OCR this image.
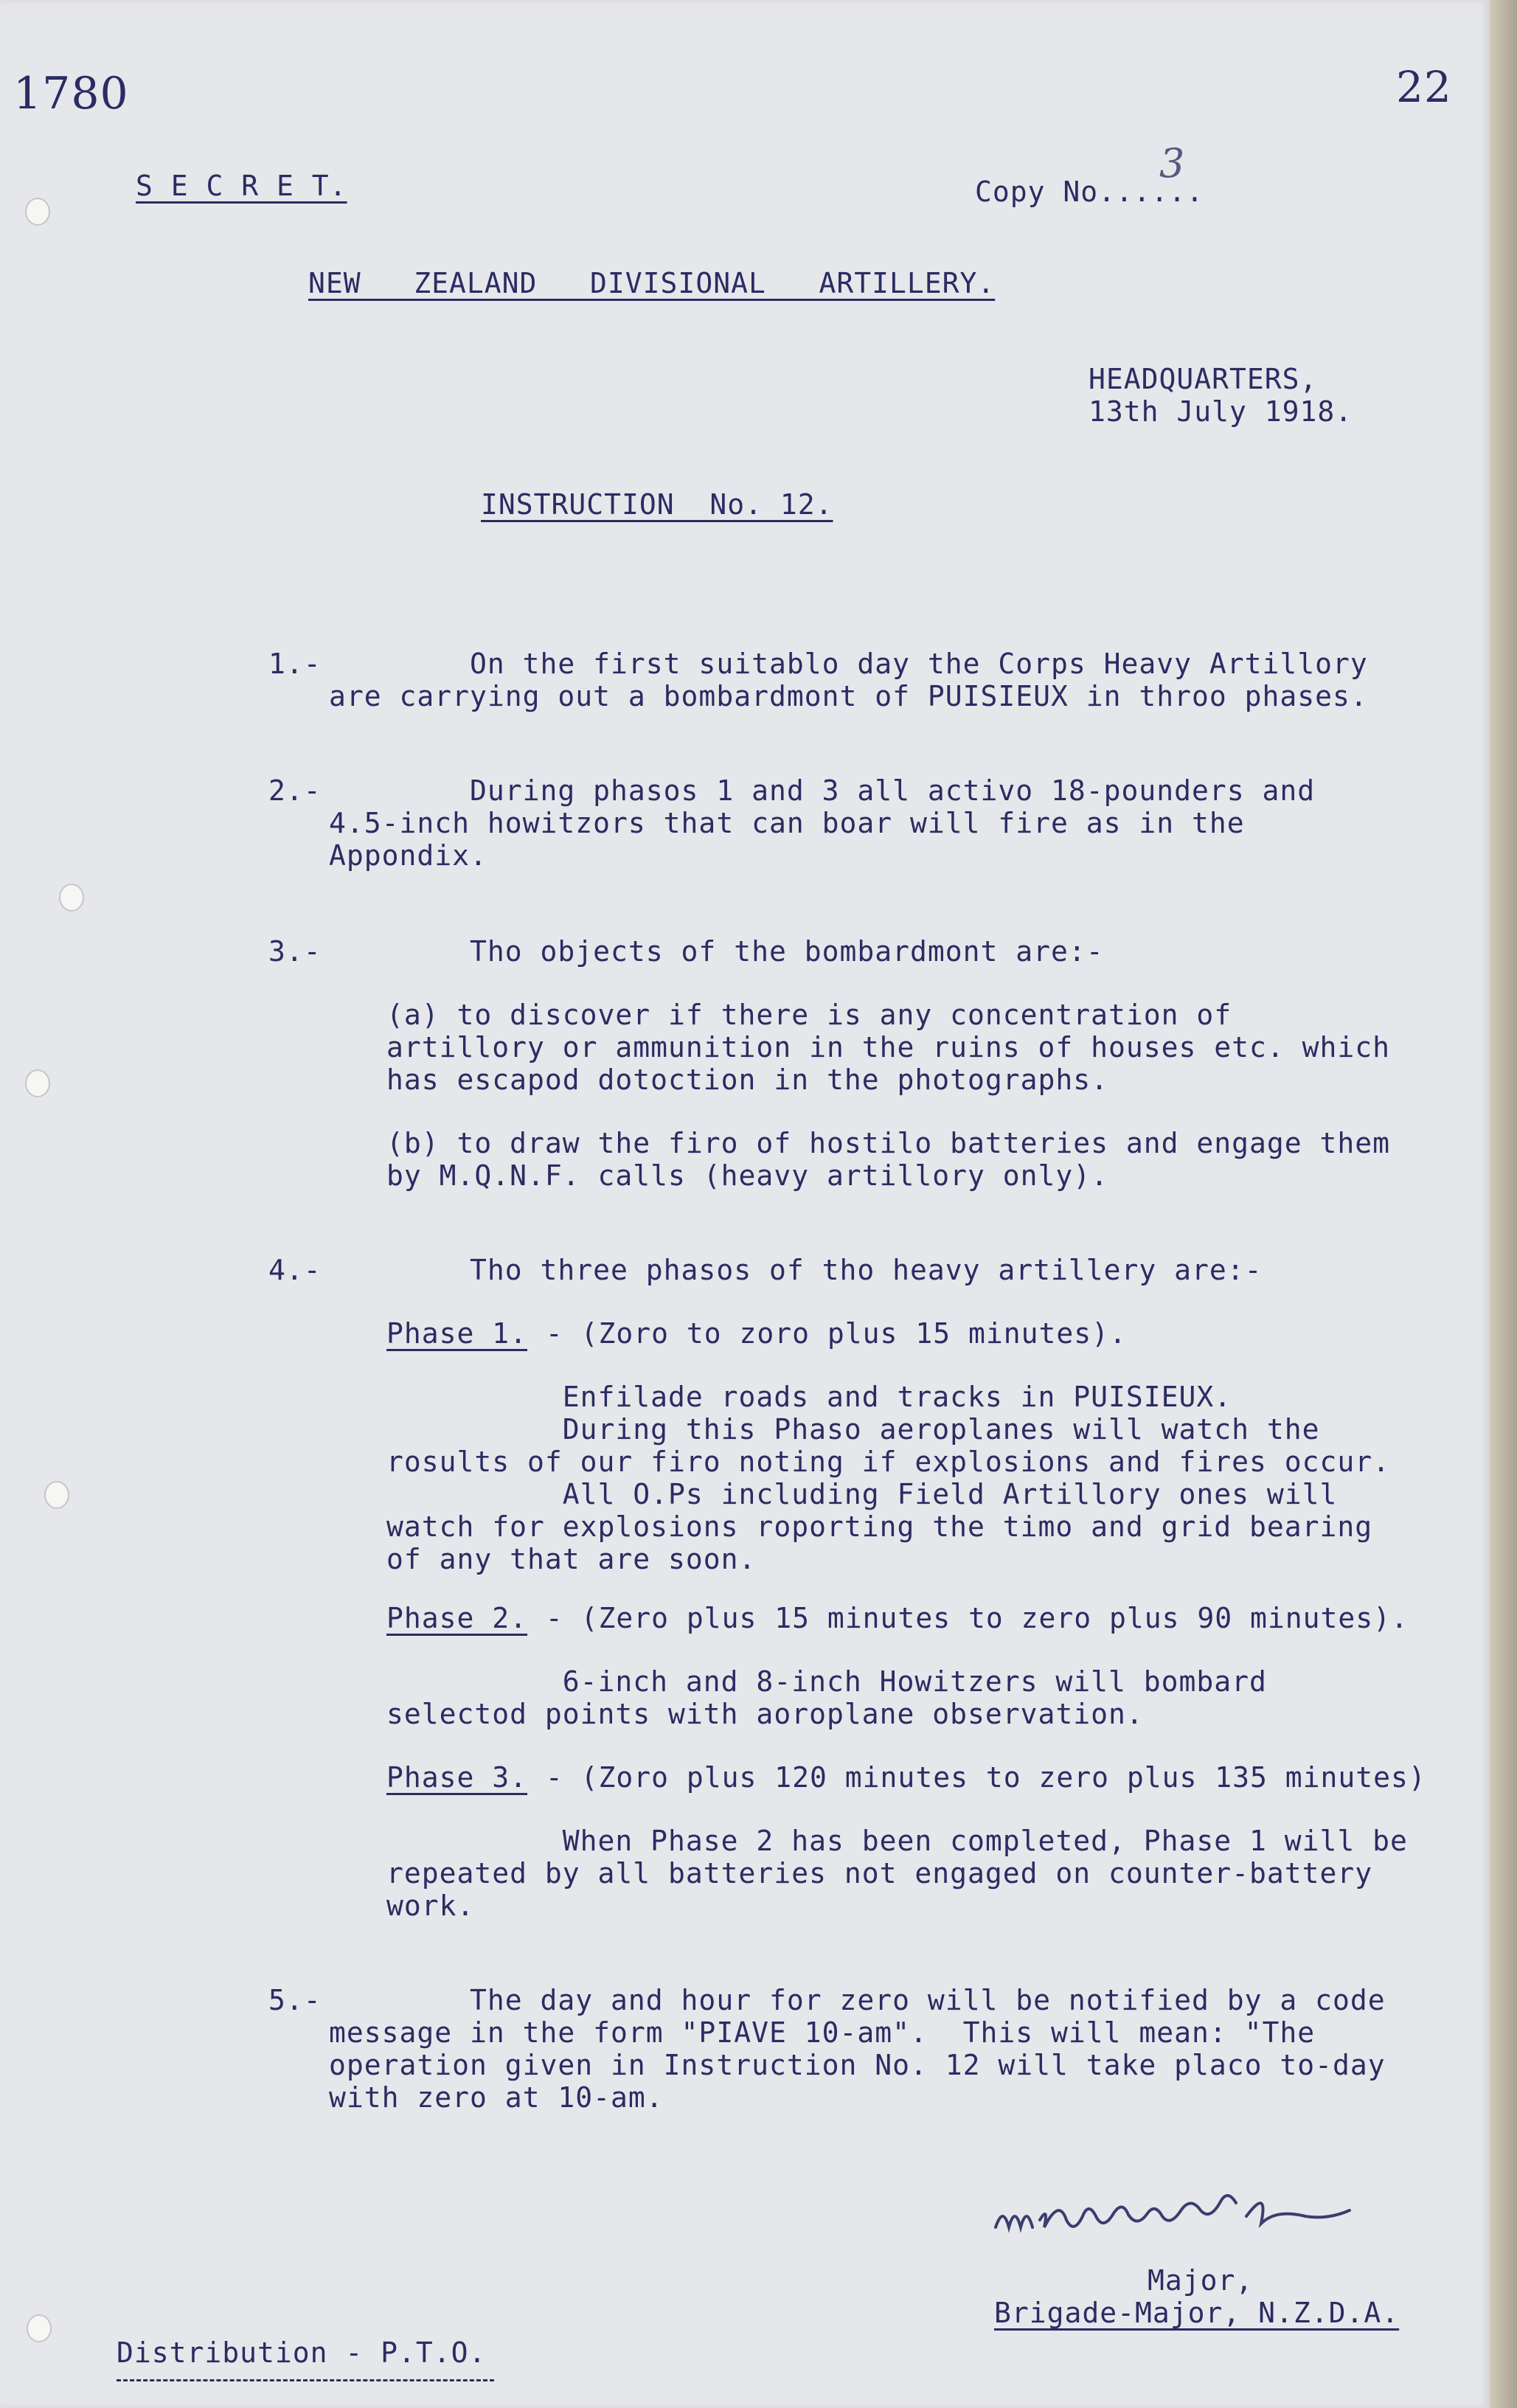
1780	22
S E C R E T.	Copy No......
3
NEW   ZEALAND   DIVISIONAL   ARTILLERY.
HEADQUARTERS,
13th July 1918.
INSTRUCTION  No. 12.
1.- On the first suitablo day the Corps Heavy Artillory
are carrying out a bombardmont of PUISIEUX in throo phases.
2.- During phasos 1 and 3 all activo 18-pounders and
4.5-inch howitzors that can boar will fire as in the
Appondix.
3.- Tho objects of the bombardmont are:-
(a) to discover if there is any concentration of
artillory or ammunition in the ruins of houses etc. which
has escapod dotoction in the photographs.
(b) to draw the firo of hostilo batteries and engage them
by M.Q.N.F. calls (heavy artillory only).
4.- Tho three phasos of tho heavy artillery are:-
Phase 1. - (Zoro to zoro plus 15 minutes).
Enfilade roads and tracks in PUISIEUX.
During this Phaso aeroplanes will watch the
rosults of our firo noting if explosions and fires occur.
All O.Ps including Field Artillory ones will
watch for explosions roporting the timo and grid bearing
of any that are soon.
Phase 2. - (Zero plus 15 minutes to zero plus 90 minutes).
6-inch and 8-inch Howitzers will bombard
selectod points with aoroplane observation.
Phase 3. - (Zoro plus 120 minutes to zero plus 135 minutes)
When Phase 2 has been completed, Phase 1 will be
repeated by all batteries not engaged on counter-battery
work.
5.- The day and hour for zero will be notified by a code
message in the form "PIAVE 10-am".  This will mean: "The
operation given in Instruction No. 12 will take placo to-day
with zero at 10-am.
Major,
Brigade-Major, N.Z.D.A.
Distribution - P.T.O.
